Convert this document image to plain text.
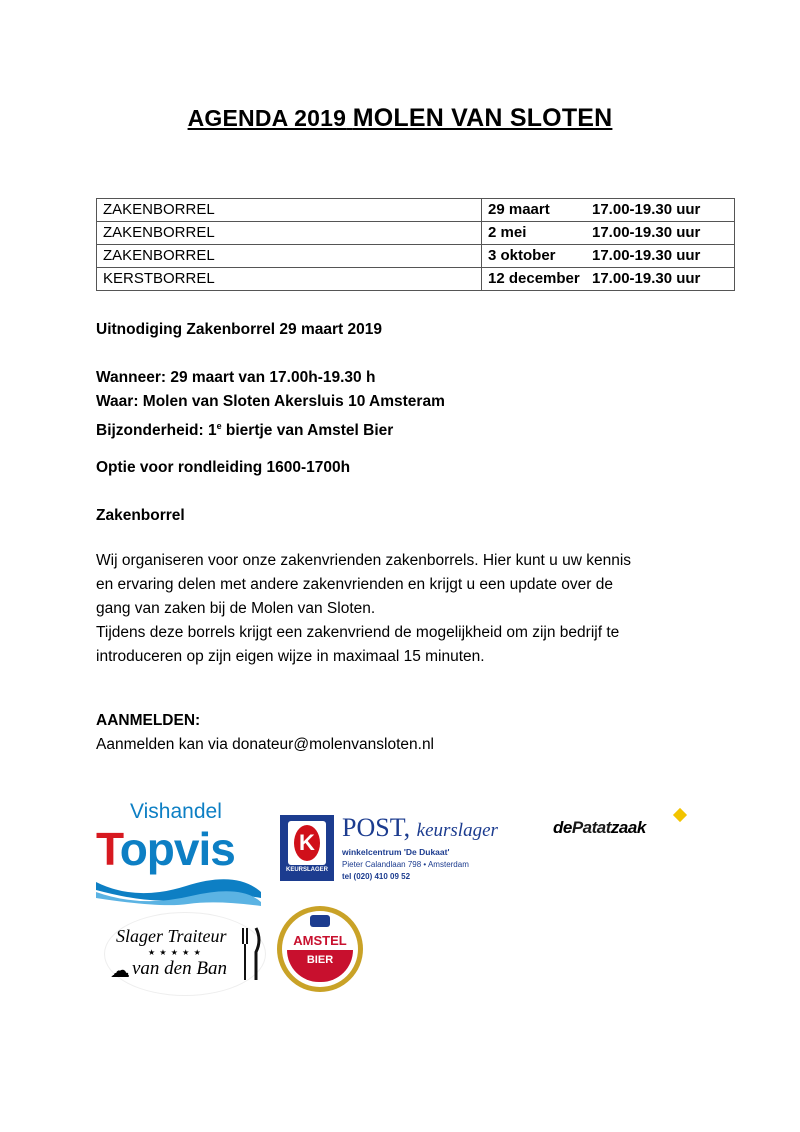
AGENDA 2019 MOLEN VAN SLOTEN
ZAKENBORREL	29 maart 17.00-19.30 uur
ZAKENBORREL	2 mei 17.00-19.30 uur
ZAKENBORREL	3 oktober 17.00-19.30 uur
KERSTBORREL	12 december 17.00-19.30 uur
Uitnodiging Zakenborrel 29 maart 2019
Wanneer: 29 maart van 17.00h-19.30 h
Waar: Molen van Sloten Akersluis 10 Amsteram
Bijzonderheid: 1e biertje van Amstel Bier
Optie voor rondleiding 1600-1700h
Zakenborrel
Wij organiseren voor onze zakenvrienden zakenborrels. Hier kunt u uw kennis
en ervaring delen met andere zakenvrienden en krijgt u een update over de
gang van zaken bij de Molen van Sloten.
Tijdens deze borrels krijgt een zakenvriend de mogelijkheid om zijn bedrijf te
introduceren op zijn eigen wijze in maximaal 15 minuten.
AANMELDEN:
Aanmelden kan via donateur@molenvansloten.nl
Vishandel
Topvis	K
KEURSLAGER
POST, keurslager
winkelcentrum 'De Dukaat'
Pieter Calandlaan 798 • Amsterdam
tel (020) 410 09 52
dePatatzaak
Slager Traiteur
★ ★ ★ ★ ★
van den Ban
☁
AMSTEL
BIER
